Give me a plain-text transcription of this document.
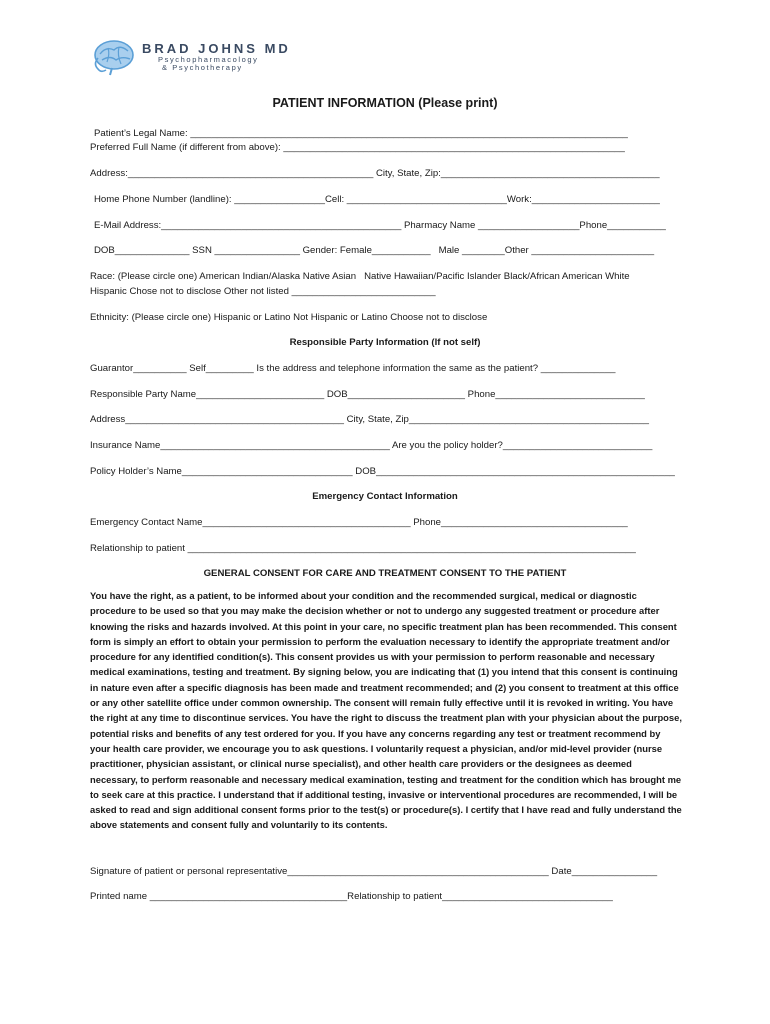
BRAD JOHNS MD
Psychopharmacology
& Psychotherapy
PATIENT INFORMATION (Please print)
Patient’s Legal Name: __________________________________________________________________________________
Preferred Full Name (if different from above): ________________________________________________________________
Address:______________________________________________ City, State, Zip:_________________________________________
Home Phone Number (landline): _________________Cell: ______________________________Work:________________________
E-Mail Address:_____________________________________________ Pharmacy Name ___________________Phone___________
DOB______________ SSN ________________ Gender: Female___________   Male ________Other _______________________
Race: (Please circle one) American Indian/Alaska Native Asian   Native Hawaiian/Pacific Islander Black/African American White
Hispanic Chose not to disclose Other not listed ___________________________
Ethnicity: (Please circle one) Hispanic or Latino Not Hispanic or Latino Choose not to disclose
Responsible Party Information (If not self)
Guarantor__________ Self_________ Is the address and telephone information the same as the patient? ______________
Responsible Party Name________________________ DOB______________________ Phone____________________________
Address_________________________________________ City, State, Zip_____________________________________________
Insurance Name___________________________________________ Are you the policy holder?____________________________
Policy Holder’s Name________________________________ DOB________________________________________________________
Emergency Contact Information
Emergency Contact Name_______________________________________ Phone___________________________________
Relationship to patient ____________________________________________________________________________________
GENERAL CONSENT FOR CARE AND TREATMENT CONSENT TO THE PATIENT
You have the right, as a patient, to be informed about your condition and the recommended surgical, medical or diagnostic procedure to be used so that you may make the decision whether or not to undergo any suggested treatment or procedure after knowing the risks and hazards involved. At this point in your care, no specific treatment plan has been recommended. This consent form is simply an effort to obtain your permission to perform the evaluation necessary to identify the appropriate treatment and/or procedure for any identified condition(s). This consent provides us with your permission to perform reasonable and necessary medical examinations, testing and treatment. By signing below, you are indicating that (1) you intend that this consent is continuing in nature even after a specific diagnosis has been made and treatment recommended; and (2) you consent to treatment at this office or any other satellite office under common ownership. The consent will remain fully effective until it is revoked in writing. You have the right at any time to discontinue services. You have the right to discuss the treatment plan with your physician about the purpose, potential risks and benefits of any test ordered for you. If you have any concerns regarding any test or treatment recommend by your health care provider, we encourage you to ask questions. I voluntarily request a physician, and/or mid-level provider (nurse practitioner, physician assistant, or clinical nurse specialist), and other health care providers or the designees as deemed necessary, to perform reasonable and necessary medical examination, testing and treatment for the condition which has brought me to seek care at this practice. I understand that if additional testing, invasive or interventional procedures are recommended, I will be asked to read and sign additional consent forms prior to the test(s) or procedure(s). I certify that I have read and fully understand the above statements and consent fully and voluntarily to its contents.
Signature of patient or personal representative_________________________________________________ Date________________
Printed name _____________________________________Relationship to patient________________________________
